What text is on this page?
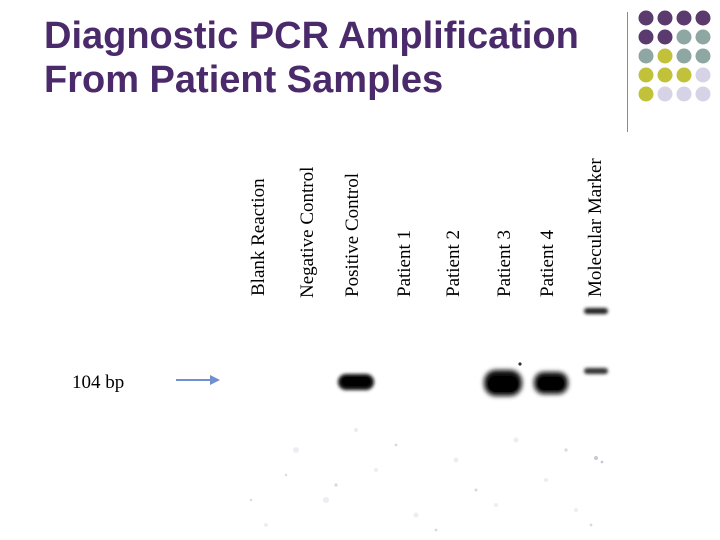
Diagnostic PCR Amplification
From Patient Samples
Blank Reaction Negative Control Positive Control Patient 1 Patient 2 Patient 3 Patient 4 Molecular Marker
104 bp
